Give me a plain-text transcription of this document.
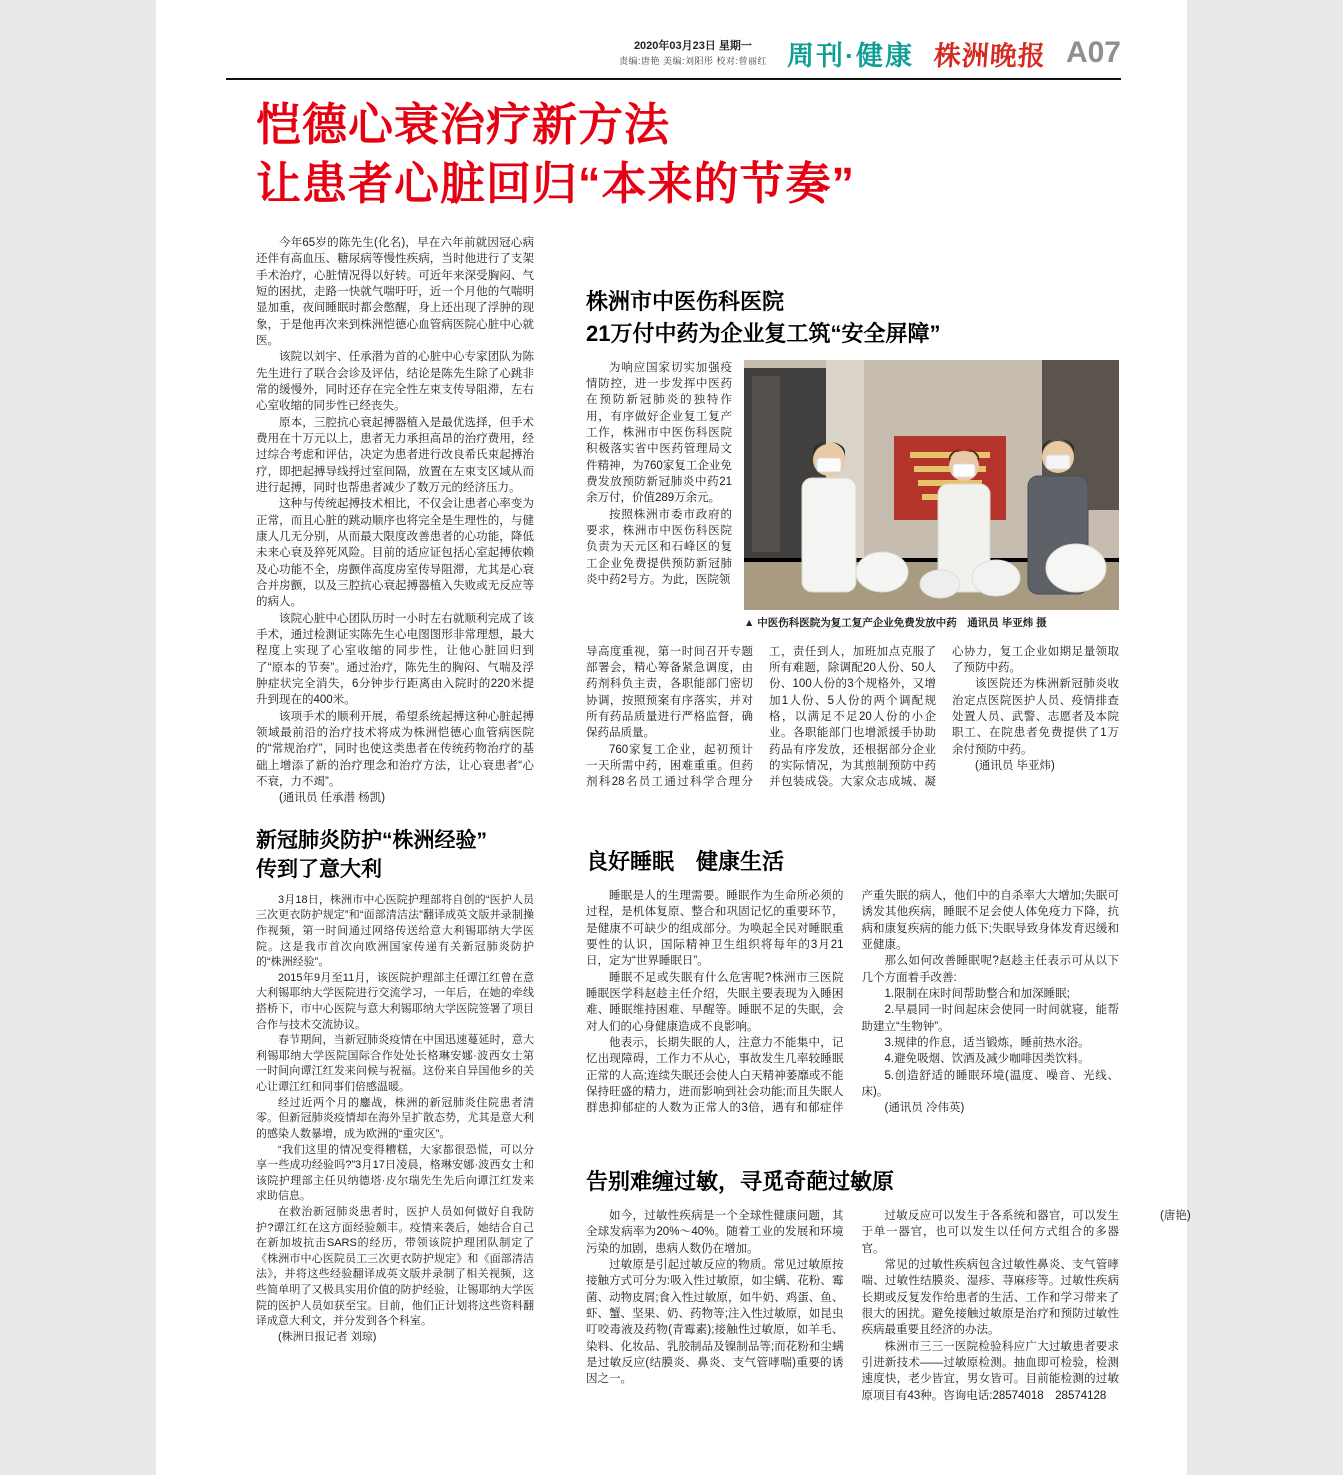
2020年03月23日 星期一
责编:唐艳 美编:刘阳彤 校对:曾丽红 周刊·健康 株洲晚报 A07
恺德心衰治疗新方法
让患者心脏回归“本来的节奏”

今年65岁的陈先生(化名)，早在六年前就因冠心病还伴有高血压、糖尿病等慢性疾病，当时他进行了支架手术治疗，心脏情况得以好转。可近年来深受胸闷、气短的困扰，走路一快就气喘吁吁，近一个月他的气喘明显加重，夜间睡眠时都会憋醒，身上还出现了浮肿的现象，于是他再次来到株洲恺德心血管病医院心脏中心就医。

该院以刘宇、任承潜为首的心脏中心专家团队为陈先生进行了联合会诊及评估，结论是陈先生除了心跳非常的缓慢外，同时还存在完全性左束支传导阻滞，左右心室收缩的同步性已经丧失。

原本，三腔抗心衰起搏器植入是最优选择，但手术费用在十万元以上，患者无力承担高昂的治疗费用，经过综合考虑和评估，决定为患者进行改良希氏束起搏治疗，即把起搏导线捋过室间隔，放置在左束支区域从而进行起搏，同时也帮患者减少了数万元的经济压力。

这种与传统起搏技术相比，不仅会让患者心率变为正常，而且心脏的跳动顺序也将完全是生理性的，与健康人几无分别，从而最大限度改善患者的心功能，降低未来心衰及猝死风险。目前的适应证包括心室起搏依赖及心功能不全，房颤伴高度房室传导阻滞，尤其是心衰合并房颤，以及三腔抗心衰起搏器植入失败或无反应等的病人。

该院心脏中心团队历时一小时左右就顺利完成了该手术，通过检测证实陈先生心电图图形非常理想，最大程度上实现了心室收缩的同步性，让他心脏回归到了“原本的节奏”。通过治疗，陈先生的胸闷、气喘及浮肿症状完全消失，6分钟步行距离由入院时的220米提升到现在的400米。

该项手术的顺利开展，希望系统起搏这种心脏起搏领域最前沿的治疗技术将成为株洲恺德心血管病医院的“常规治疗”，同时也使这类患者在传统药物治疗的基础上增添了新的治疗理念和治疗方法，让心衰患者“心不衰，力不竭”。

(通讯员 任承潜 杨凯)

株洲市中医伤科医院
21万付中药为企业复工筑“安全屏障”

为响应国家切实加强疫情防控，进一步发挥中医药在预防新冠肺炎的独特作用，有序做好企业复工复产工作，株洲市中医伤科医院积极落实省中医药管理局文件精神，为760家复工企业免费发放预防新冠肺炎中药21余万付，价值289万余元。

按照株洲市委市政府的要求，株洲市中医伤科医院负责为天元区和石峰区的复工企业免费提供预防新冠肺炎中药2号方。为此，医院领

▲ 中医伤科医院为复工复产企业免费发放中药　通讯员 毕亚炜 摄

导高度重视，第一时间召开专题部署会，精心筹备紧急调度，由药剂科负主责，各职能部门密切协调，按照预案有序落实，并对所有药品质量进行严格监督，确保药品质量。

760家复工企业，起初预计一天所需中药，困难重重。但药剂科28名员工通过科学合理分工，责任到人，加班加点克服了所有难题，除调配20人份、50人份、100人份的3个规格外，又增加1人份、5人份的两个调配规格，以满足不足20人份的小企业。各职能部门也增派援手协助药品有序发放，还根据部分企业的实际情况，为其煎制预防中药并包装成袋。大家众志成城、凝心协力，复工企业如期足量领取了预防中药。

该医院还为株洲新冠肺炎收治定点医院医护人员、疫情排查处置人员、武警、志愿者及本院职工、在院患者免费提供了1万余付预防中药。

(通讯员 毕亚炜)

新冠肺炎防护“株洲经验”
传到了意大利

3月18日，株洲市中心医院护理部将自创的“医护人员三次更衣防护规定”和“面部清洁法”翻译成英文版并录制操作视频，第一时间通过网络传送给意大利锡耶纳大学医院。这是我市首次向欧洲国家传递有关新冠肺炎防护的“株洲经验”。

2015年9月至11月，该医院护理部主任谭江红曾在意大利锡耶纳大学医院进行交流学习，一年后，在她的牵线搭桥下，市中心医院与意大利锡耶纳大学医院签署了项目合作与技术交流协议。

春节期间，当新冠肺炎疫情在中国迅速蔓延时，意大利锡耶纳大学医院国际合作处处长格琳安娜·波西女士第一时间向谭江红发来问候与祝福。这份来自异国他乡的关心让谭江红和同事们倍感温暖。

经过近两个月的鏖战，株洲的新冠肺炎住院患者清零。但新冠肺炎疫情却在海外呈扩散态势，尤其是意大利的感染人数暴增，成为欧洲的“重灾区”。

“我们这里的情况变得糟糕，大家都很恐慌，可以分享一些成功经验吗?”3月17日凌晨，格琳安娜·波西女士和该院护理部主任贝纳德塔·皮尔瑞先生先后向谭江红发来求助信息。

在救治新冠肺炎患者时，医护人员如何做好自我防护?谭江红在这方面经验颇丰。疫情来袭后，她结合自己在新加坡抗击SARS的经历，带领该院护理团队制定了《株洲市中心医院员工三次更衣防护规定》和《面部清洁法》，并将这些经验翻译成英文版并录制了相关视频，这些简单明了又极具实用价值的防护经验，让锡耶纳大学医院的医护人员如获至宝。目前，他们正计划将这些资料翻译成意大利文，并分发到各个科室。

(株洲日报记者 刘琼)

良好睡眠　健康生活

睡眠是人的生理需要。睡眠作为生命所必须的过程，是机体复原、整合和巩固记忆的重要环节，是健康不可缺少的组成部分。为唤起全民对睡眠重要性的认识，国际精神卫生组织将每年的3月21日，定为“世界睡眠日”。

睡眠不足或失眠有什么危害呢?株洲市三医院睡眠医学科赵趁主任介绍，失眠主要表现为入睡困难、睡眠维持困难、早醒等。睡眠不足的失眠，会对人们的心身健康造成不良影响。

他表示，长期失眠的人，注意力不能集中，记忆出现障碍，工作力不从心，事故发生几率较睡眠正常的人高;连续失眠还会使人白天精神萎靡或不能保持旺盛的精力，进而影响到社会功能;而且失眠人群患抑郁症的人数为正常人的3倍，遇有和郁症伴产重失眠的病人，他们中的自杀率大大增加;失眠可诱发其他疾病，睡眠不足会使人体免疫力下降，抗病和康复疾病的能力低下;失眠导致身体发育迟缓和亚健康。

那么如何改善睡眠呢?赵趁主任表示可从以下几个方面着手改善:

1.限制在床时间帮助整合和加深睡眠;

2.早晨同一时间起床会使同一时间就寝，能帮助建立“生物钟”。

3.规律的作息，适当锻炼，睡前热水浴。

4.避免吸烟、饮酒及减少咖啡因类饮料。

5.创造舒适的睡眠环境(温度、噪音、光线、床)。

(通讯员 冷伟英)

告别难缠过敏，寻觅奇葩过敏原

如今，过敏性疾病是一个全球性健康问题，其全球发病率为20%～40%。随着工业的发展和环境污染的加剧，患病人数仍在增加。

过敏原是引起过敏反应的物质。常见过敏原按接触方式可分为:吸入性过敏原，如尘螨、花粉、霉菌、动物皮屑;食入性过敏原，如牛奶、鸡蛋、鱼、虾、蟹、坚果、奶、药物等;注入性过敏原，如昆虫叮咬毒液及药物(青霉素);接触性过敏原，如羊毛、染料、化妆品、乳胶制品及镍制品等;而花粉和尘螨是过敏反应(结膜炎、鼻炎、支气管哮喘)重要的诱因之一。

过敏反应可以发生于各系统和器官，可以发生于单一器官，也可以发生以任何方式组合的多器官。

常见的过敏性疾病包含过敏性鼻炎、支气管哮喘、过敏性结膜炎、湿疹、荨麻疹等。过敏性疾病长期或反复发作给患者的生活、工作和学习带来了很大的困扰。避免接触过敏原是治疗和预防过敏性疾病最重要且经济的办法。

株洲市三三一医院检验科应广大过敏患者要求引进新技术——过敏原检测。抽血即可检验，检测速度快，老少皆宜，男女皆可。目前能检测的过敏原项目有43种。咨询电话:28574018　28574128

(唐艳)
